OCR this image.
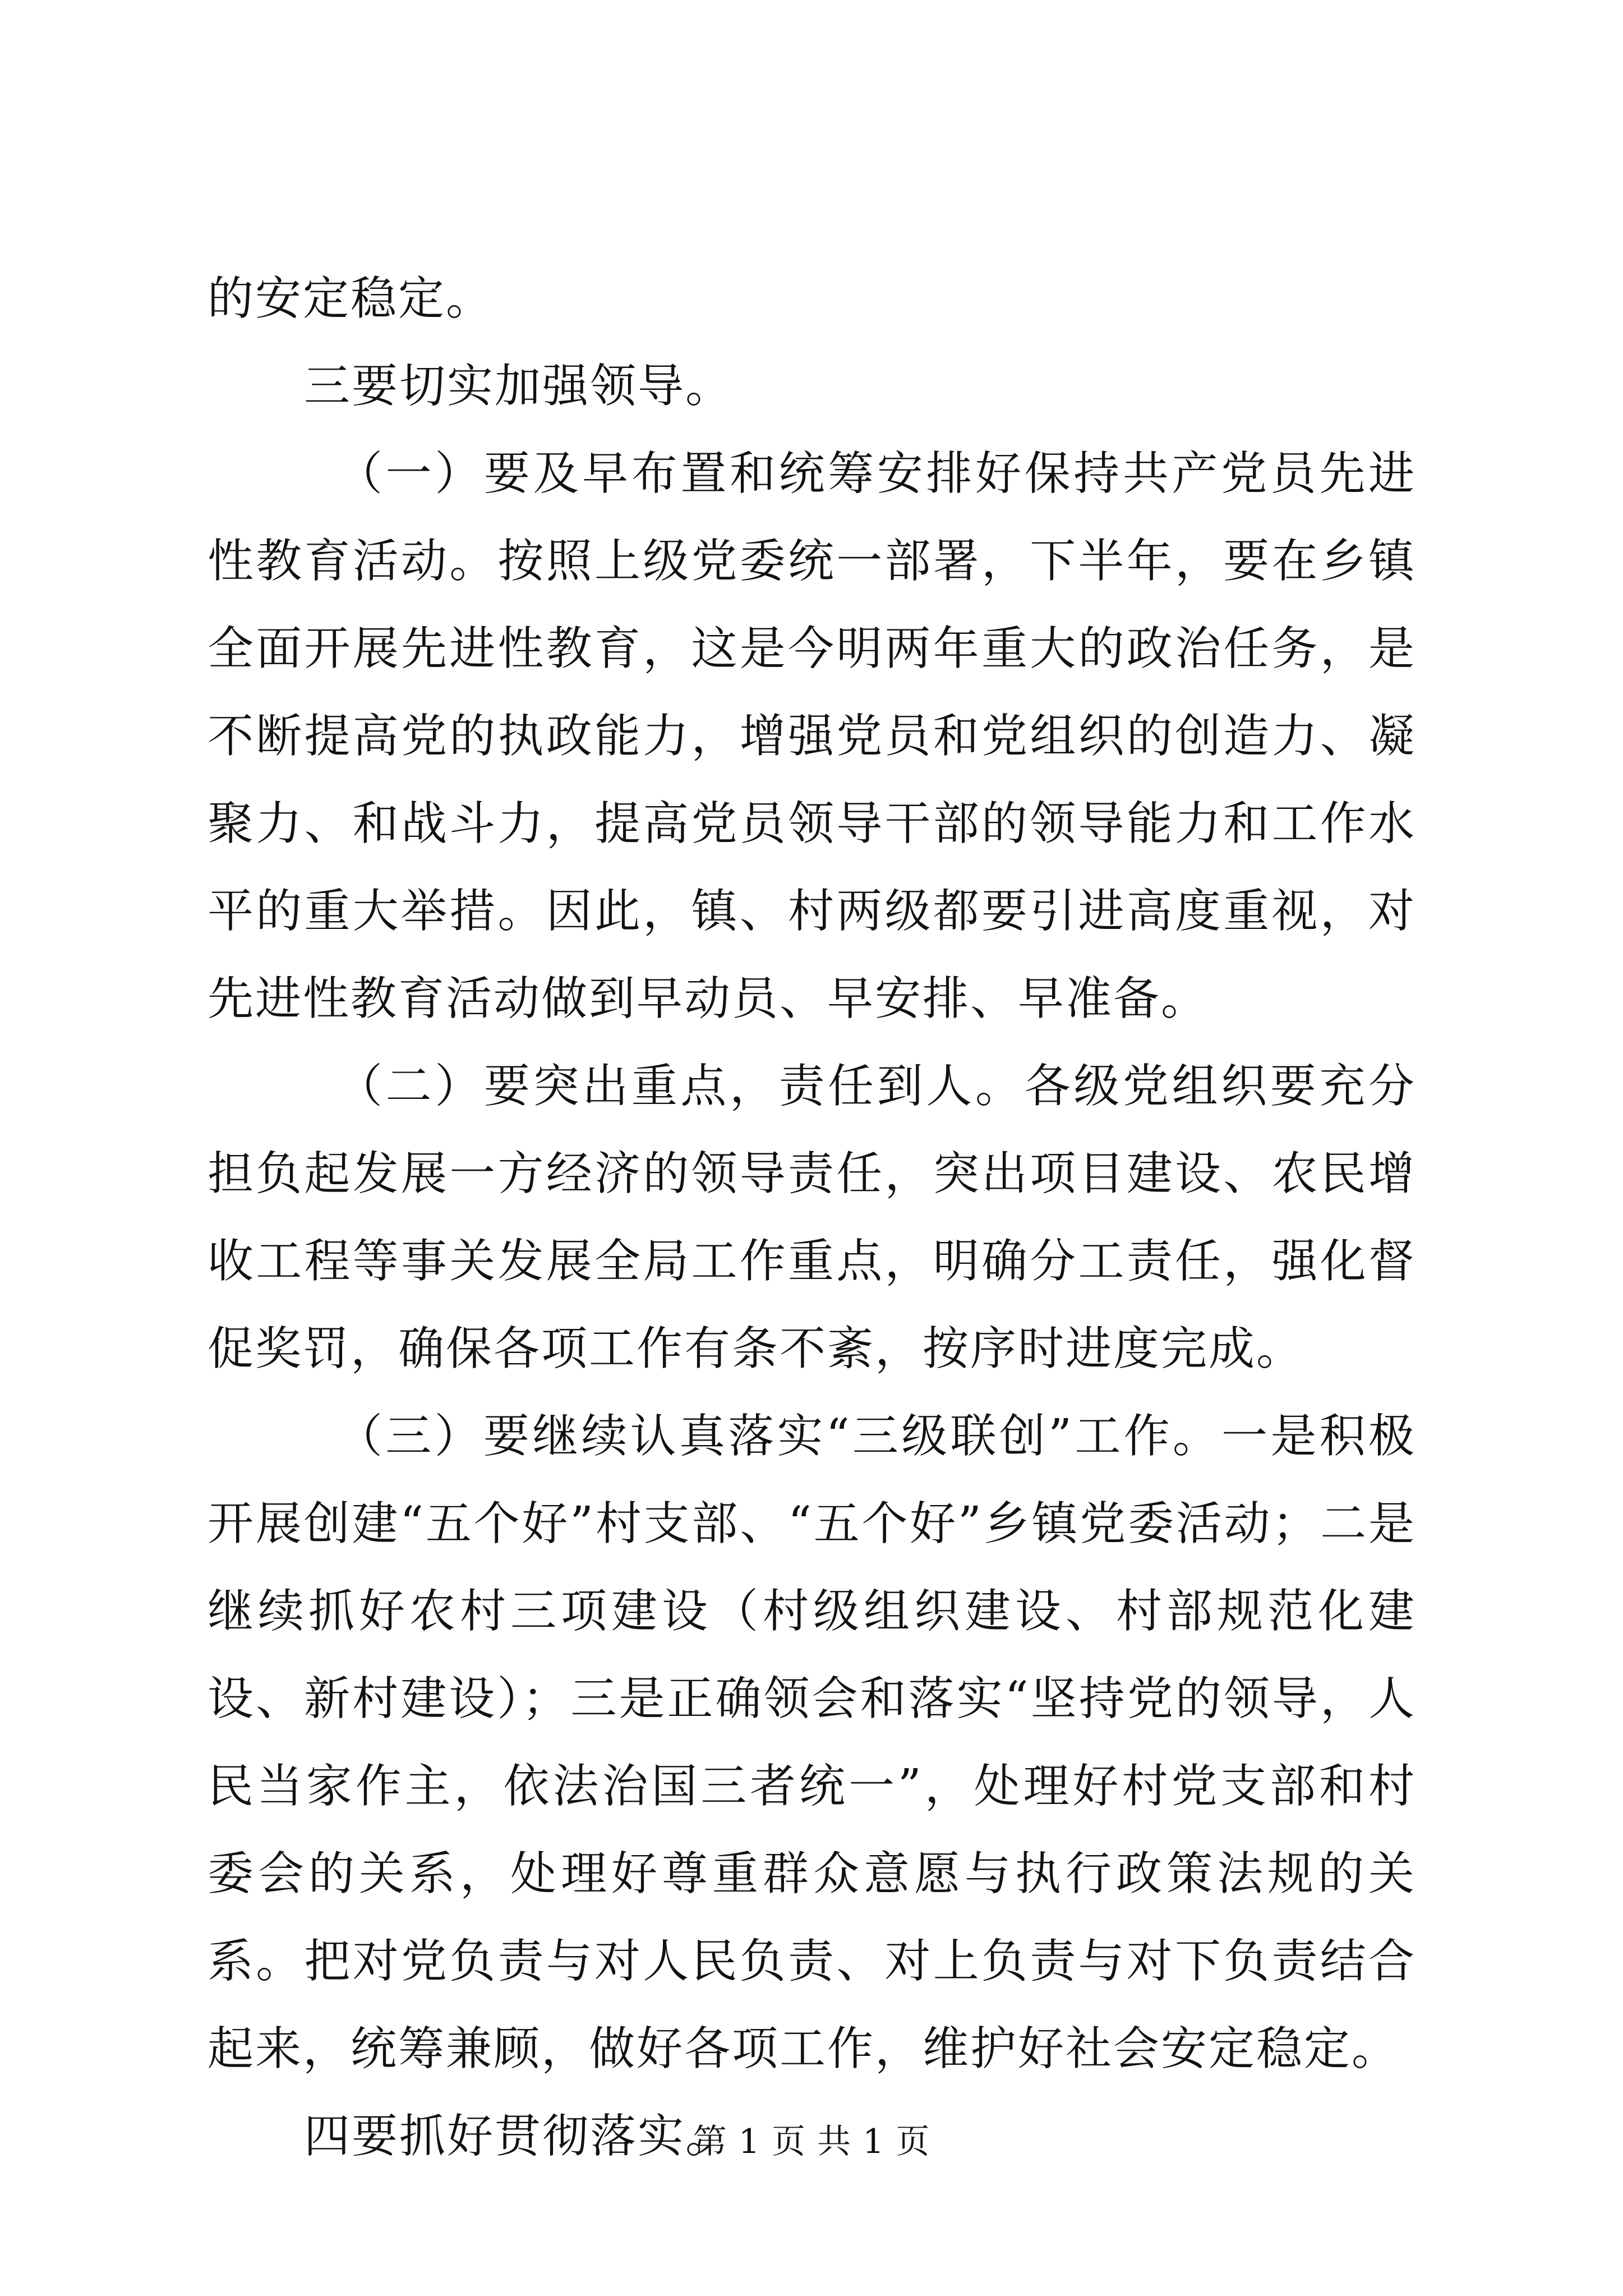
的安定稳定。

三要切实加强领导。

（一）要及早布置和统筹安排好保持共产党员先进性教育活动。按照上级党委统一部署，下半年，要在乡镇全面开展先进性教育，这是今明两年重大的政治任务，是不断提高党的执政能力，增强党员和党组织的创造力、凝聚力、和战斗力，提高党员领导干部的领导能力和工作水平的重大举措。因此，镇、村两级都要引进高度重视，对先进性教育活动做到早动员、早安排、早准备。

（二）要突出重点，责任到人。各级党组织要充分担负起发展一方经济的领导责任，突出项目建设、农民增收工程等事关发展全局工作重点，明确分工责任，强化督促奖罚，确保各项工作有条不紊，按序时进度完成。

（三）要继续认真落实“三级联创”工作。一是积极开展创建“五个好”村支部、“五个好”乡镇党委活动；二是继续抓好农村三项建设（村级组织建设、村部规范化建设、新村建设）；三是正确领会和落实“坚持党的领导，人民当家作主，依法治国三者统一”，处理好村党支部和村委会的关系，处理好尊重群众意愿与执行政策法规的关系。把对党负责与对人民负责、对上负责与对下负责结合起来，统筹兼顾，做好各项工作，维护好社会安定稳定。

四要抓好贯彻落实。

第 1 页 共 1 页
